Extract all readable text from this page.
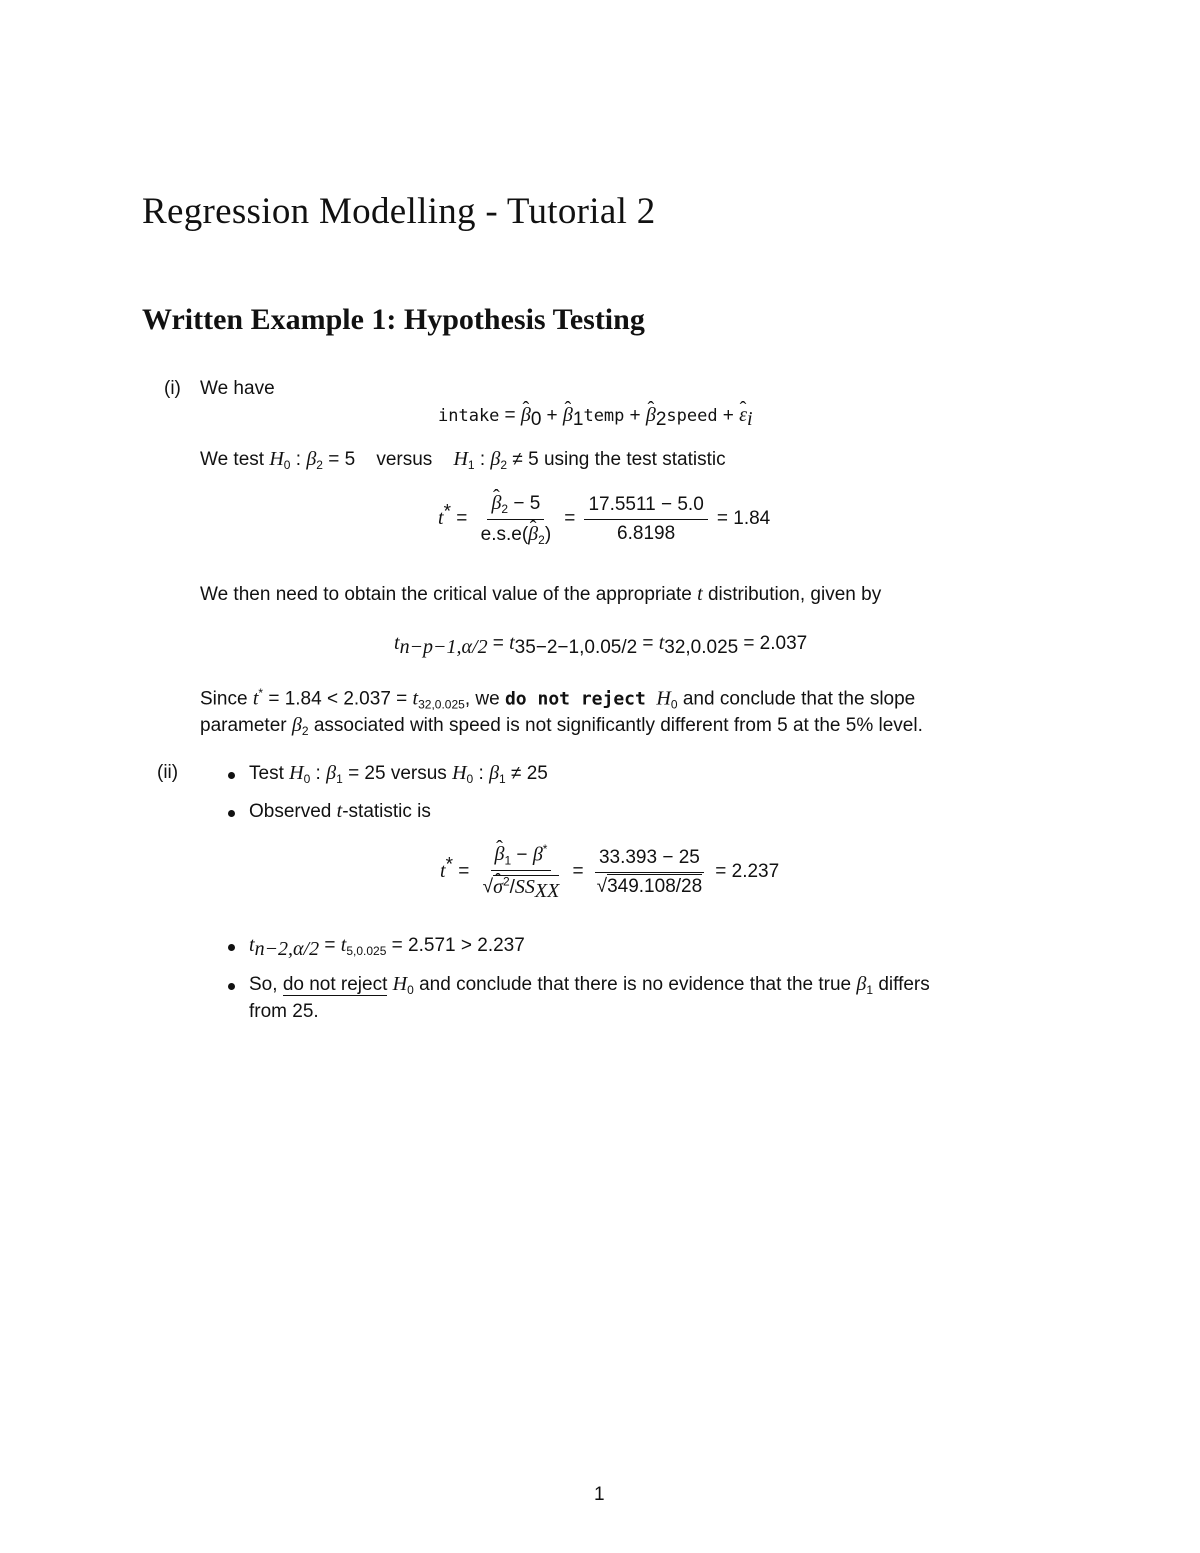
Regression Modelling - Tutorial 2
Written Example 1: Hypothesis Testing
(i) We have
intake = ̂ $\beta_0$ + ̂ $\beta_1temp$ + ̂ $\beta_2speed$ + ̂ $\varepsilon_i$
We test $H_0$ : $\beta_2 = 5$ versus $H_1$ : $\beta_2 \ne 5$ using the test statistic
t* = ̂ $\frac{\beta_2 - 5}{e.s.e(̂ \beta_2)} = \frac{17.5511 - 5.0}{6.8198} = 1.84$
We then need to obtain the critical value of the appropriate t distribution, given by
$t_{n-p-1,\alpha/2} = t_{35-2-1,0.05/2} = t_{32,0.025} = 2.037$
Since $t^* = 1.84 < 2.037 = t_{32,0.025}$, we do not reject $H_0$ and conclude that the slope
parameter $\beta_2$ associated with speed is not significantly different from 5 at the 5% level.
(ii)	Test $H_0$ : $\beta_1 = 25$ versus $H_0$ : $\beta_1 \ne 25$
Observed t-statistic is
t* = ̂ $\frac{\beta_1 - \beta^*}{√̂ \sigma^2/SS_{XX}} = \frac{33.393 - 25}{√349.108/28} = 2.237$
$t_{n-2,\alpha/2} = t_{5,0.025} = 2.571 > 2.237$
So, do not reject $H_0$ and conclude that there is no evidence that the true $\beta_1$ differs
from 25.
1
